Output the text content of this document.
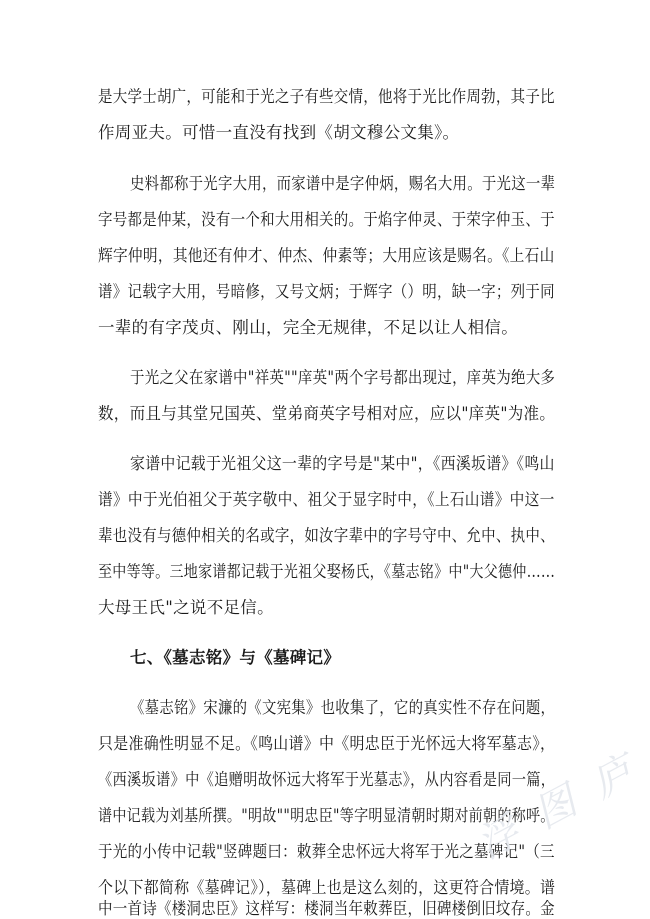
是大学士胡广，可能和于光之子有些交情，他将于光比作周勃，其子比
作周亚夫。可惜一直没有找到《胡文穆公文集》。
史料都称于光字大用，而家谱中是字仲炳，赐名大用。于光这一辈
字号都是仲某，没有一个和大用相关的。于焰字仲灵、于荣字仲玉、于
辉字仲明，其他还有仲才、仲杰、仲素等；大用应该是赐名。《上石山
谱》记载字大用，号暗修，又号文炳；于辉字（）明，缺一字；列于同
一辈的有字茂贞、刚山，完全无规律，不足以让人相信。
于光之父在家谱中"祥英""庠英"两个字号都出现过，庠英为绝大多
数，而且与其堂兄国英、堂弟商英字号相对应，应以"庠英"为准。
家谱中记载于光祖父这一辈的字号是"某中"，《西溪坂谱》《鸣山
谱》中于光伯祖父于英字敬中、祖父于显字时中，《上石山谱》中这一
辈也没有与德仲相关的名或字，如汝字辈中的字号守中、允中、执中、
至中等等。三地家谱都记载于光祖父娶杨氏，《墓志铭》中"大父德仲……
大母王氏"之说不足信。
七、《墓志铭》与《墓碑记》
《墓志铭》宋濂的《文宪集》也收集了，它的真实性不存在问题，
只是准确性明显不足。《鸣山谱》中《明忠臣于光怀远大将军墓志》，
《西溪坂谱》中《追赠明故怀远大将军于光墓志》，从内容看是同一篇，
谱中记载为刘基所撰。"明故""明忠臣"等字明显清朝时期对前朝的称呼。
于光的小传中记载"竖碑题曰：敕葬全忠怀远大将军于光之墓碑记"（三
个以下都简称《墓碑记》），墓碑上也是这么刻的，这更符合情境。谱
中一首诗《楼洞忠臣》这样写：楼洞当年敕葬臣，旧碑楼倒旧坟存。金
浮 图 庐
